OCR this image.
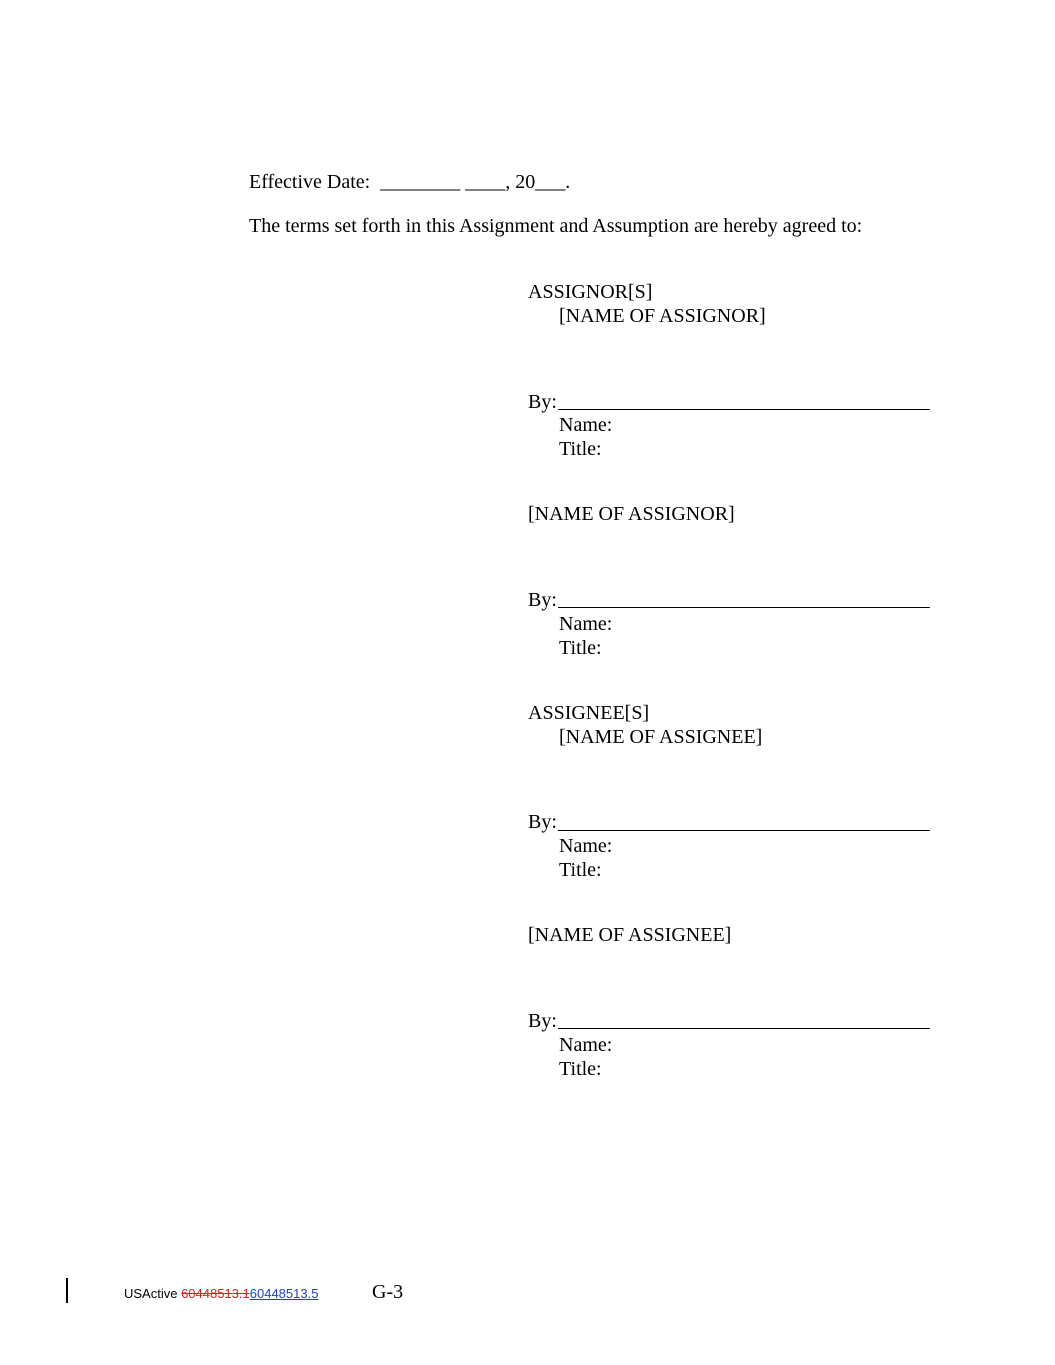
Effective Date:  ________ ____, 20___.
The terms set forth in this Assignment and Assumption are hereby agreed to:
ASSIGNOR[S]
[NAME OF ASSIGNOR]
By:
Name:
Title:
[NAME OF ASSIGNOR]
By:
Name:
Title:
ASSIGNEE[S]
[NAME OF ASSIGNEE]
By:
Name:
Title:
[NAME OF ASSIGNEE]
By:
Name:
Title:
USActive 60448513.160448513.5	G-3
